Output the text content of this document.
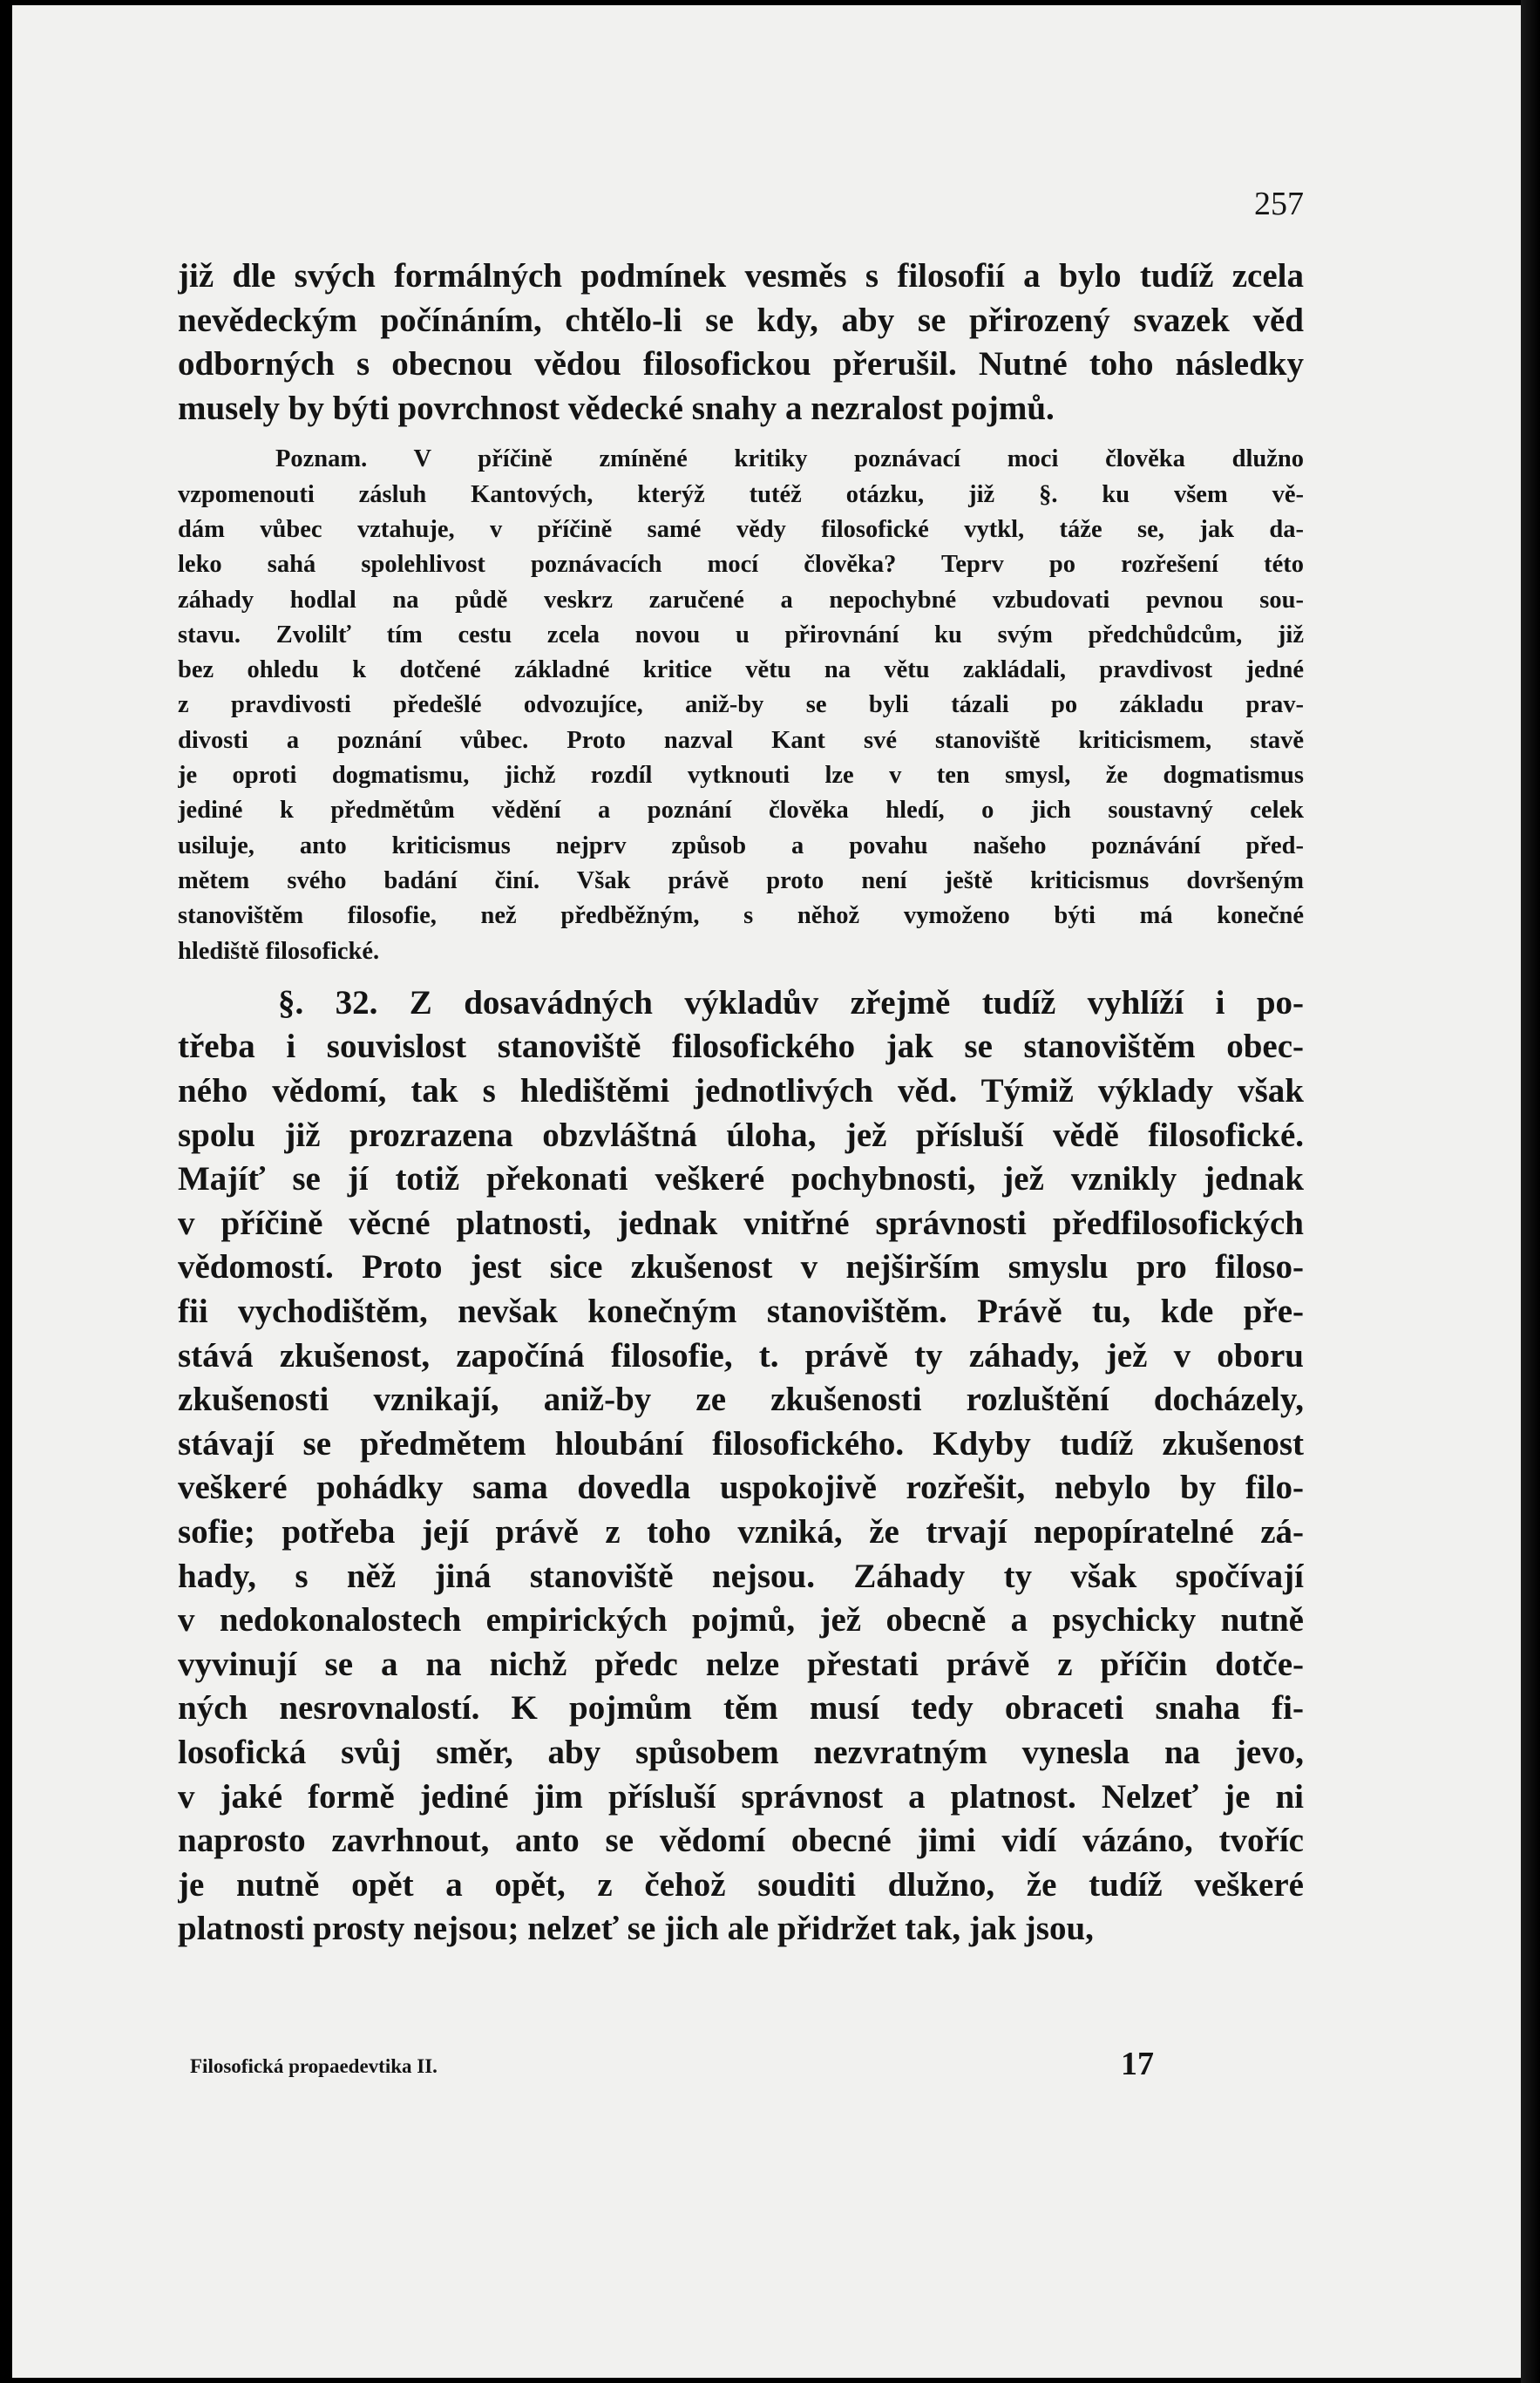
257
již dle svých formálných podmínek vesměs s filosofií a bylo tudíž zcela
nevědeckým počínáním, chtělo-li se kdy, aby se přirozený svazek věd
odborných s obecnou vědou filosofickou přerušil. Nutné toho následky
musely by býti povrchnost vědecké snahy a nezralost pojmů.
Poznam. V příčině zmíněné kritiky poznávací moci člověka dlužno
vzpomenouti zásluh Kantových, kterýž tutéž otázku, již §. ku všem vě-
dám vůbec vztahuje, v příčině samé vědy filosofické vytkl, táže se, jak da-
leko sahá spolehlivost poznávacích mocí člověka? Teprv po rozřešení této
záhady hodlal na půdě veskrz zaručené a nepochybné vzbudovati pevnou sou-
stavu. Zvolilť tím cestu zcela novou u přirovnání ku svým předchůdcům, již
bez ohledu k dotčené základné kritice větu na větu zakládali, pravdivost jedné
z pravdivosti předešlé odvozujíce, aniž-by se byli tázali po základu prav-
divosti a poznání vůbec. Proto nazval Kant své stanoviště kriticismem, stavě
je oproti dogmatismu, jichž rozdíl vytknouti lze v ten smysl, že dogmatismus
jediné k předmětům vědění a poznání člověka hledí, o jich soustavný celek
usiluje, anto kriticismus nejprv způsob a povahu našeho poznávání před-
mětem svého badání činí. Však právě proto není ještě kriticismus dovršeným
stanovištěm filosofie, než předběžným, s něhož vymoženo býti má konečné
hlediště filosofické.
§. 32. Z dosavádných výkladův zřejmě tudíž vyhlíží i po-
třeba i souvislost stanoviště filosofického jak se stanovištěm obec-
ného vědomí, tak s hledištěmi jednotlivých věd. Týmiž výklady však
spolu již prozrazena obzvláštná úloha, jež přísluší vědě filosofické.
Majíť se jí totiž překonati veškeré pochybnosti, jež vznikly jednak
v příčině věcné platnosti, jednak vnitřné správnosti předfilosofických
vědomostí. Proto jest sice zkušenost v nejširším smyslu pro filoso-
fii vychodištěm, nevšak konečným stanovištěm. Právě tu, kde pře-
stává zkušenost, započíná filosofie, t. právě ty záhady, jež v oboru
zkušenosti vznikají, aniž-by ze zkušenosti rozluštění docházely,
stávají se předmětem hloubání filosofického. Kdyby tudíž zkušenost
veškeré pohádky sama dovedla uspokojivě rozřešit, nebylo by filo-
sofie; potřeba její právě z toho vzniká, že trvají nepopíratelné zá-
hady, s něž jiná stanoviště nejsou. Záhady ty však spočívají
v nedokonalostech empirických pojmů, jež obecně a psychicky nutně
vyvinují se a na nichž předc nelze přestati právě z příčin dotče-
ných nesrovnalostí. K pojmům těm musí tedy obraceti snaha fi-
losofická svůj směr, aby spůsobem nezvratným vynesla na jevo,
v jaké formě jediné jim přísluší správnost a platnost. Nelzeť je ni
naprosto zavrhnout, anto se vědomí obecné jimi vidí vázáno, tvoříc
je nutně opět a opět, z čehož souditi dlužno, že tudíž veškeré
platnosti prosty nejsou; nelzeť se jich ale přidržet tak, jak jsou,
Filosofická propaedevtika II.	17
